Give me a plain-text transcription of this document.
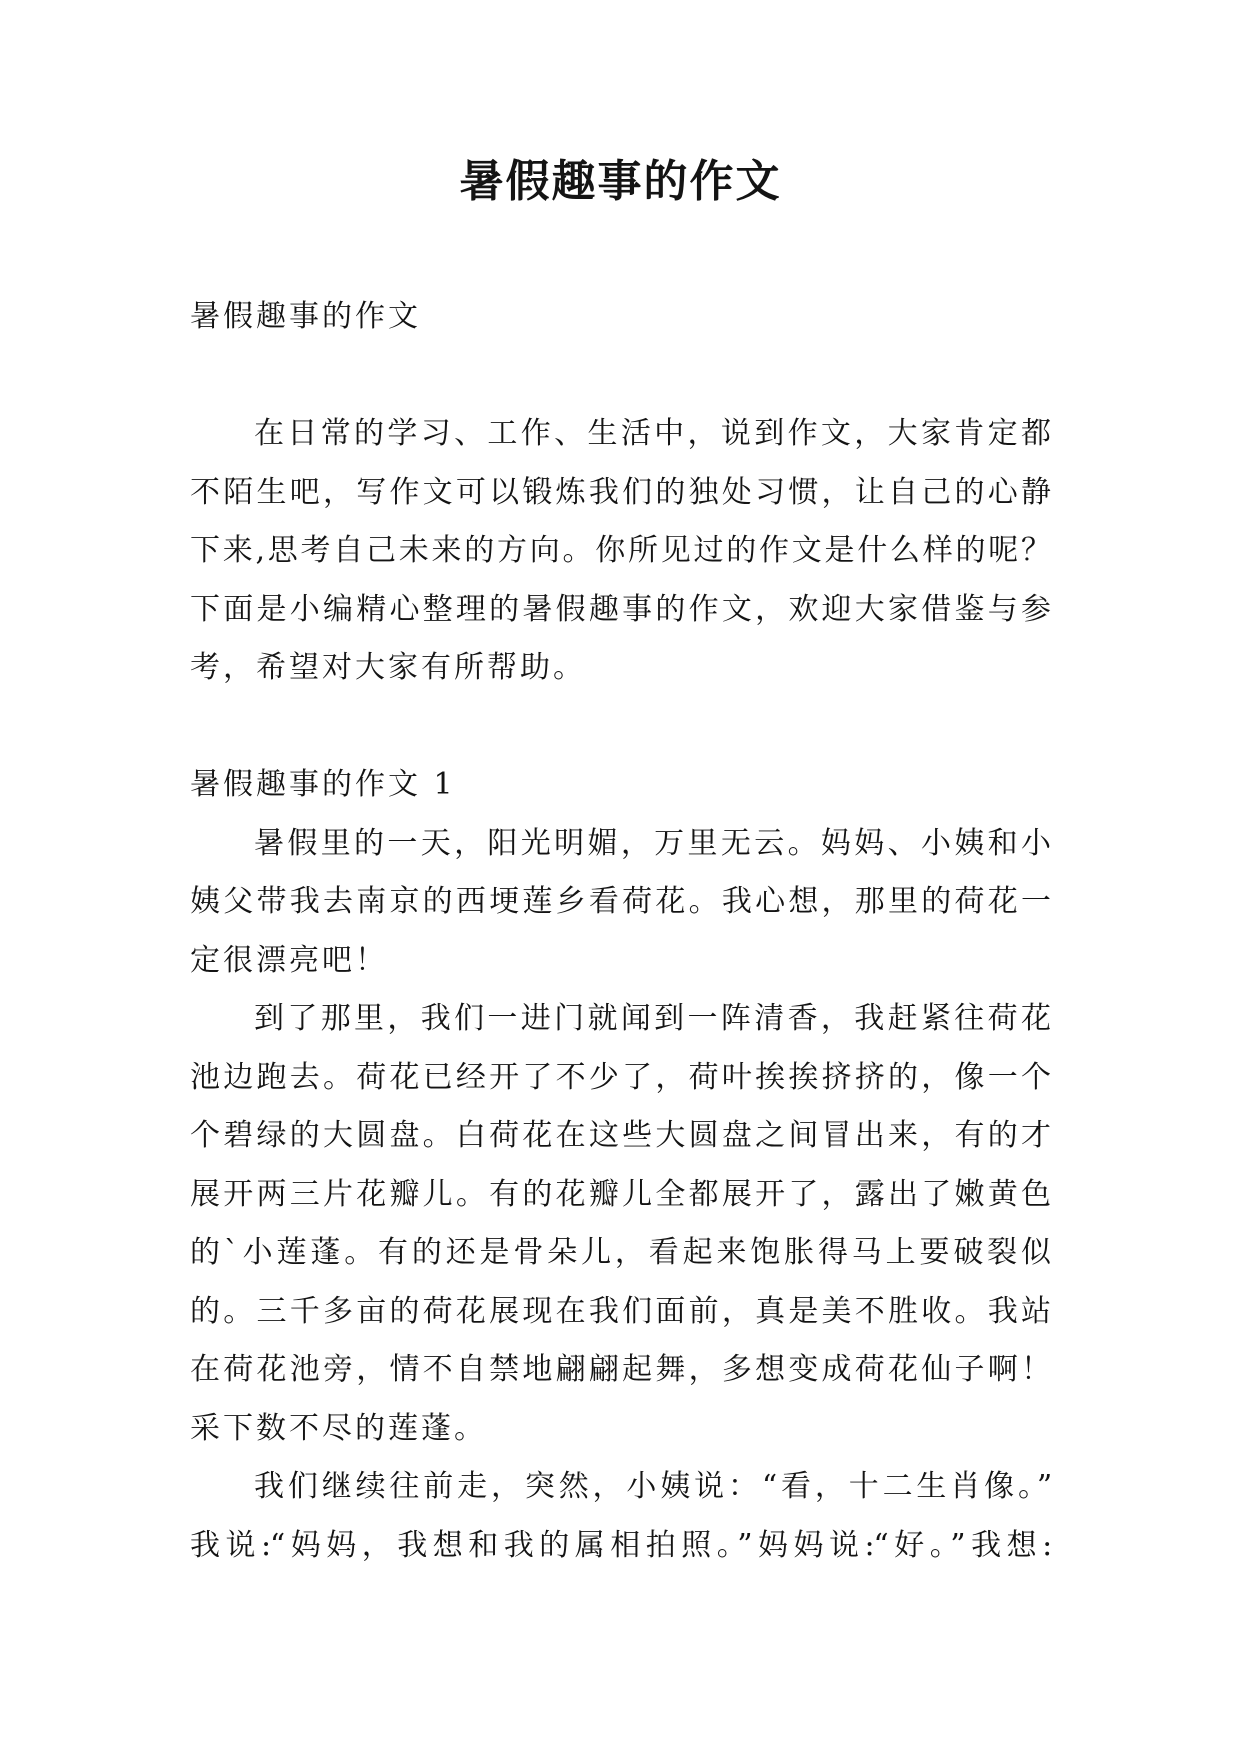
暑假趣事的作文
暑假趣事的作文
在日常的学习、工作、生活中，说到作文，大家肯定都
不陌生吧，写作文可以锻炼我们的独处习惯，让自己的心静
下来,思考自己未来的方向。你所见过的作文是什么样的呢？
下面是小编精心整理的暑假趣事的作文，欢迎大家借鉴与参
考，希望对大家有所帮助。
暑假趣事的作文 1
暑假里的一天，阳光明媚，万里无云。妈妈、小姨和小
姨父带我去南京的西埂莲乡看荷花。我心想，那里的荷花一
定很漂亮吧！
到了那里，我们一进门就闻到一阵清香，我赶紧往荷花
池边跑去。荷花已经开了不少了，荷叶挨挨挤挤的，像一个
个碧绿的大圆盘。白荷花在这些大圆盘之间冒出来，有的才
展开两三片花瓣儿。有的花瓣儿全都展开了，露出了嫩黄色
的`小莲蓬。有的还是骨朵儿，看起来饱胀得马上要破裂似
的。三千多亩的荷花展现在我们面前，真是美不胜收。我站
在荷花池旁，情不自禁地翩翩起舞，多想变成荷花仙子啊！
采下数不尽的莲蓬。
我们继续往前走，突然，小姨说：“看，十二生肖像。”
我说:“妈妈，我想和我的属相拍照。”妈妈说:“好。”我想:
